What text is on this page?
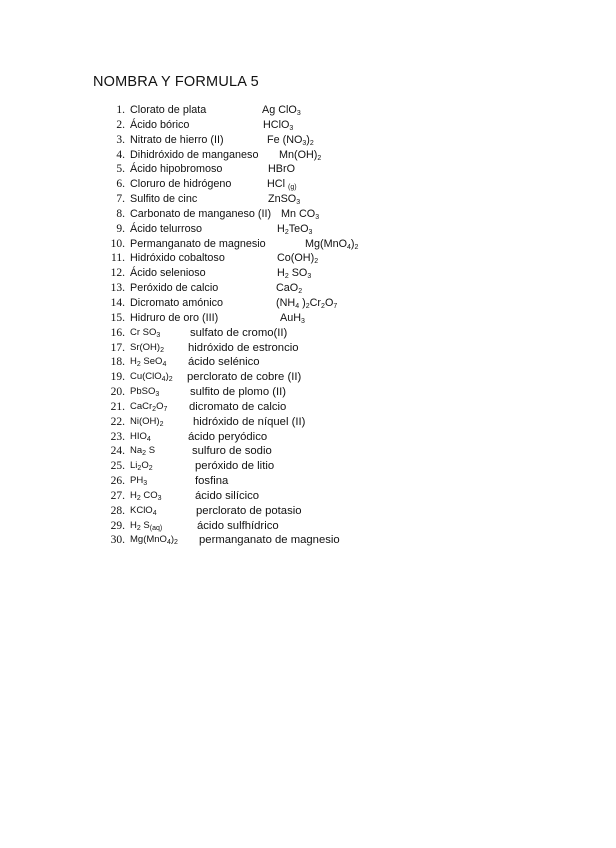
NOMBRA Y FORMULA 5
1. Clorato de plata	Ag ClO$_3$
2. Ácido bórico	HClO$_3$
3. Nitrato de hierro (II)	Fe $(NO_3)_2$
4. Dihidróxido de manganeso $Mn(OH)_2$
5. Ácido hipobromoso	HBrO
6. Cloruro de hidrógeno	HCl $_{(g)}$
7. Sulfito de cinc	ZnSO$_3$
8. Carbonato de manganeso (II) Mn $CO_3$
9. Ácido telurroso	$H_2TeO_3$
10. Permanganato de magnesio	$Mg(MnO_4)_2$
11. Hidróxido cobaltoso	$Co(OH)_2$
12. Ácido selenioso	$H_2$ $SO_3$
13. Peróxido de calcio	CaO$_2$
14. Dicromato amónico	($NH_4$ )$_2Cr_2O_7$
15. Hidruro de oro (III)	AuH$_3$
16. Cr $SO_3$	sulfato de cromo(II)
17. $Sr(OH)_2$ hidróxido de estroncio
18. $H_2$ SeO$_4$ ácido selénico
19. $Cu(ClO_4)_2$ perclorato de cobre (II)
20. PbSO$_3$	sulfito de plomo (II)
21. $CaCr_2O_7$ dicromato de calcio
22. $Ni(OH)_2$	hidróxido de níquel (II)
23. $HIO_4$	ácido peryódico
24. $Na_2$ S	sulfuro de sodio
25. $Li_2O_2$	peróxido de litio
26. $PH_3$	fosfina
27. $H_2$ $CO_3$	ácido silícico
28. KClO$_4$	perclorato de potasio
29. $H_2$ $S_{(aq)}$	ácido sulfhídrico
30. $Mg(MnO_4)_2$ permanganato de magnesio
